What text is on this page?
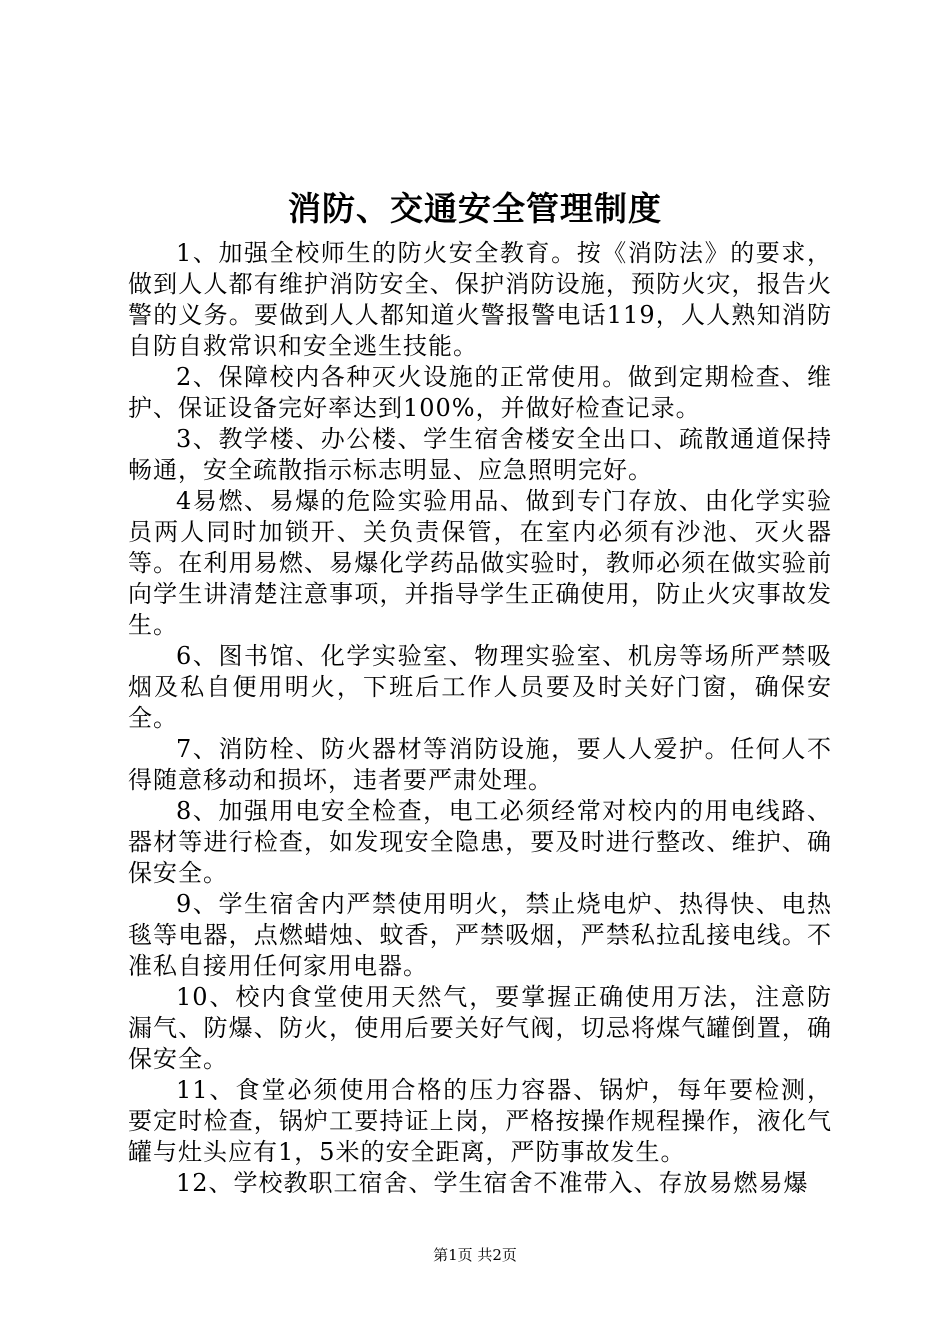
消防、交通安全管理制度

1、加强全校师生的防火安全教育。按《消防法》的要求，做到人人都有维护消防安全、保护消防设施，预防火灾，报告火警的义务。要做到人人都知道火警报警电话119，人人熟知消防自防自救常识和安全逃生技能。

2、保障校内各种灭火设施的正常使用。做到定期检查、维护、保证设备完好率达到100%，并做好检查记录。

3、教学楼、办公楼、学生宿舍楼安全出口、疏散通道保持畅通，安全疏散指示标志明显、应急照明完好。

4易燃、易爆的危险实验用品、做到专门存放、由化学实验员两人同时加锁开、关负责保管，在室内必须有沙池、灭火器等。在利用易燃、易爆化学药品做实验时，教师必须在做实验前向学生讲清楚注意事项，并指导学生正确使用，防止火灾事故发生。

6、图书馆、化学实验室、物理实验室、机房等场所严禁吸烟及私自便用明火，下班后工作人员要及时关好门窗，确保安全。

7、消防栓、防火器材等消防设施，要人人爱护。任何人不得随意移动和损坏，违者要严肃处理。

8、加强用电安全检查，电工必须经常对校内的用电线路、器材等进行检查，如发现安全隐患，要及时进行整改、维护、确保安全。

9、学生宿舍内严禁使用明火，禁止烧电炉、热得快、电热毯等电器，点燃蜡烛、蚊香，严禁吸烟，严禁私拉乱接电线。不准私自接用任何家用电器。

10、校内食堂使用天然气，要掌握正确使用万法，注意防漏气、防爆、防火，使用后要关好气阀，切忌将煤气罐倒置，确保安全。

11、食堂必须使用合格的压力容器、锅炉，每年要检测，要定时检查，锅炉工要持证上岗，严格按操作规程操作，液化气罐与灶头应有1，5米的安全距离，严防事故发生。

12、学校教职工宿舍、学生宿舍不准带入、存放易燃易爆

第1页 共2页
